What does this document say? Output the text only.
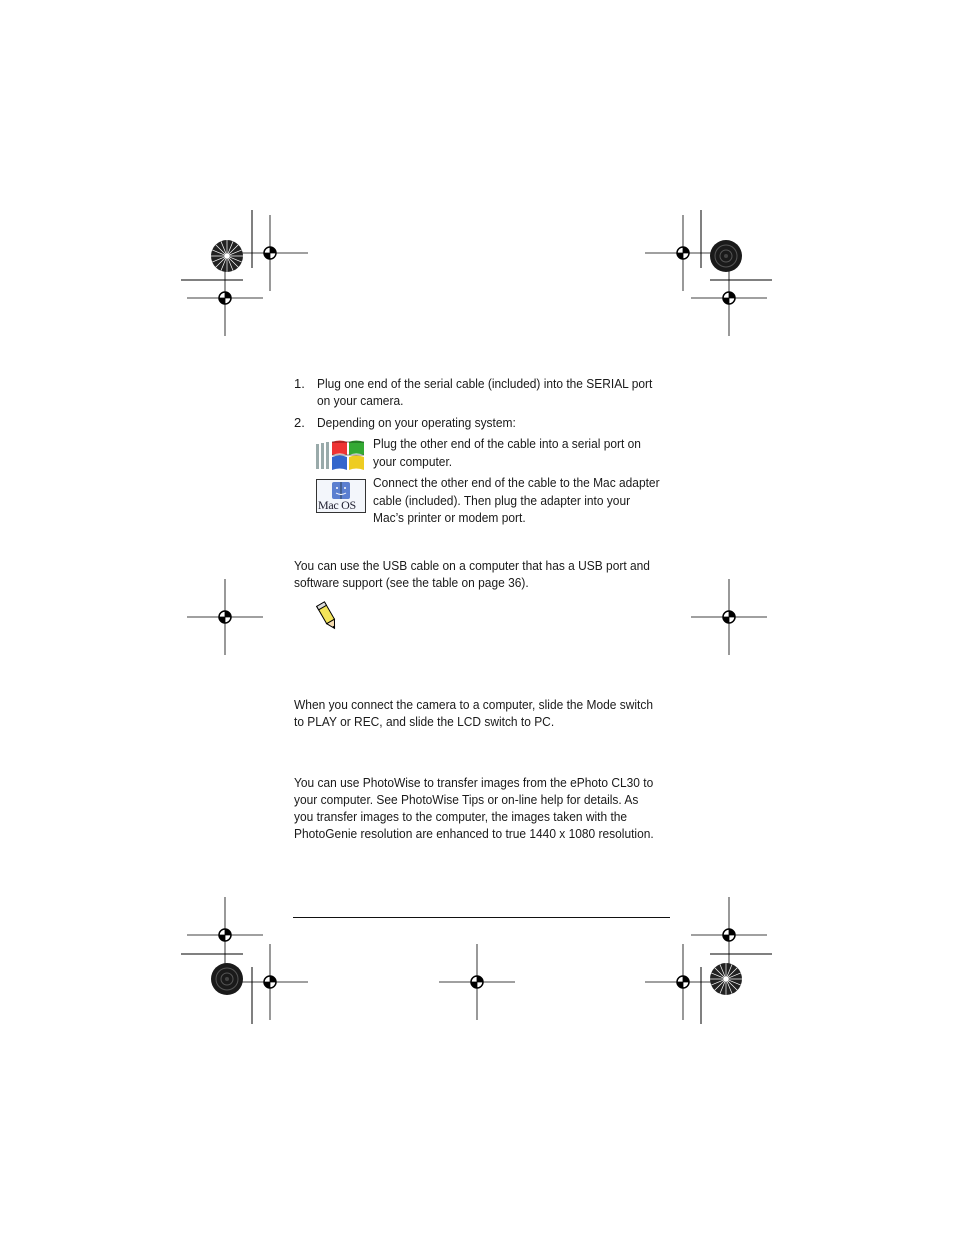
1. Plug one end of the serial cable (included) into the SERIAL port
on your camera.
2. Depending on your operating system:
Plug the other end of the cable into a serial port on
your computer.
Mac OS
Connect the other end of the cable to the Mac adapter
cable (included). Then plug the adapter into your
Mac’s printer or modem port.
You can use the USB cable on a computer that has a USB port and
software support (see the table on page 36).
When you connect the camera to a computer, slide the Mode switch
to PLAY or REC, and slide the LCD switch to PC.
You can use PhotoWise to transfer images from the ePhoto CL30 to
your computer. See PhotoWise Tips or on-line help for details. As
you transfer images to the computer, the images taken with the
PhotoGenie resolution are enhanced to true 1440 x 1080 resolution.
